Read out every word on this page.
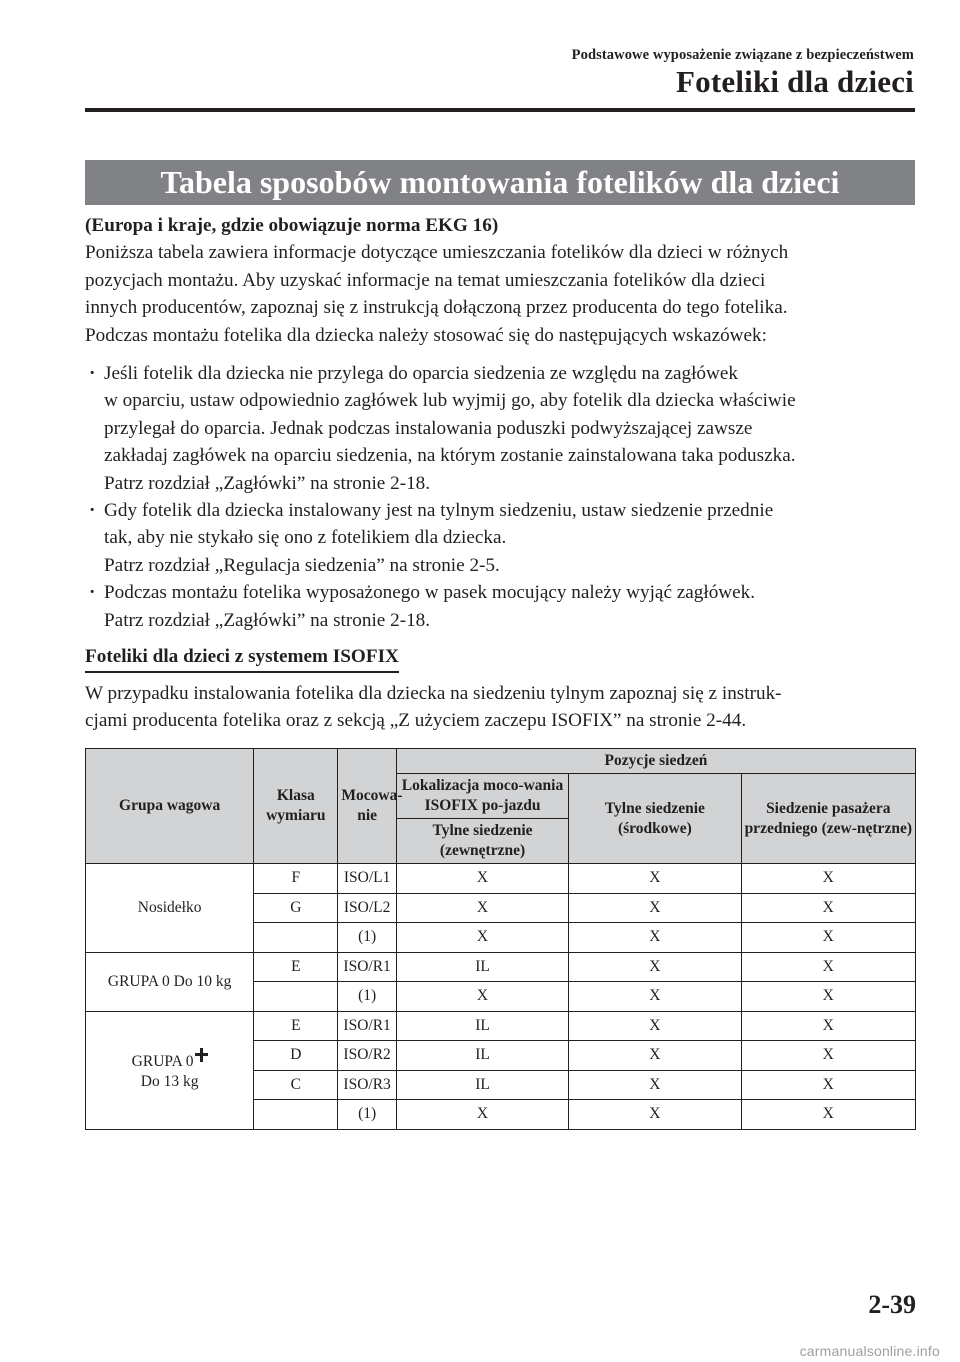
Podstawowe wyposażenie związane z bezpieczeństwem
Foteliki dla dzieci
Tabela sposobów montowania fotelików dla dzieci
(Europa i kraje, gdzie obowiązuje norma EKG 16)
Poniższa tabela zawiera informacje dotyczące umieszczania fotelików dla dzieci w różnych
pozycjach montażu. Aby uzyskać informacje na temat umieszczania fotelików dla dzieci
innych producentów, zapoznaj się z instrukcją dołączoną przez producenta do tego fotelika.
Podczas montażu fotelika dla dziecka należy stosować się do następujących wskazówek:
· Jeśli fotelik dla dziecka nie przylega do oparcia siedzenia ze względu na zagłówek
w oparciu, ustaw odpowiednio zagłówek lub wyjmij go, aby fotelik dla dziecka właściwie
przylegał do oparcia. Jednak podczas instalowania poduszki podwyższającej zawsze
zakładaj zagłówek na oparciu siedzenia, na którym zostanie zainstalowana taka poduszka.
Patrz rozdział „Zagłówki” na stronie 2-18.
· Gdy fotelik dla dziecka instalowany jest na tylnym siedzeniu, ustaw siedzenie przednie
tak, aby nie stykało się ono z fotelikiem dla dziecka.
Patrz rozdział „Regulacja siedzenia” na stronie 2-5.
· Podczas montażu fotelika wyposażonego w pasek mocujący należy wyjąć zagłówek.
Patrz rozdział „Zagłówki” na stronie 2-18.
Foteliki dla dzieci z systemem ISOFIX
W przypadku instalowania fotelika dla dziecka na siedzeniu tylnym zapoznaj się z instruk-
cjami producenta fotelika oraz z sekcją „Z użyciem zaczepu ISOFIX” na stronie 2-44.
Grupa wagowa	Klasa wymiaru	Mocowa-nie	Pozycje siedzeń		
			Lokalizacja moco-wania ISOFIX po-jazdu	Tylne siedzenie (środkowe)	Siedzenie pasażera przedniego (zew-nętrzne)
			Tylne siedzenie (zewnętrzne)		
Nosidełko	F	ISO/L1	X	X	X
	G	ISO/L2	X	X	X
		(1)	X	X	X
GRUPA 0 Do 10 kg	E	ISO/R1	IL	X	X
		(1)	X	X	X

GRUPA 0
Do 13 kg	E	ISO/R1	IL	X	X
	D	ISO/R2	IL	X	X
	C	ISO/R3	IL	X	X
		(1)	X	X	X
2-39
carmanualsonline.info
